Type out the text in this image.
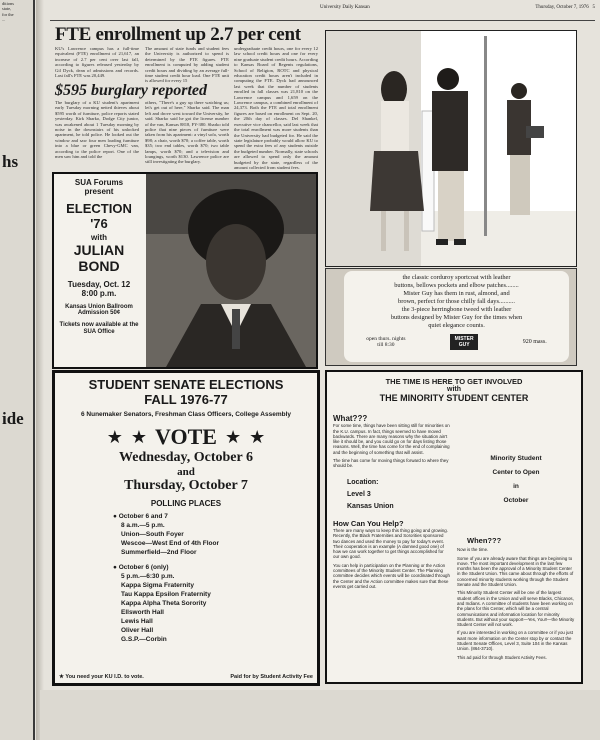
ditions
state,
for the
...
hs
ide
University Daily Kansan	Thursday, October 7, 1976 5
FTE enrollment up 2.7 per cent
KU's Lawrence campus has a full-time equivalent (FTE) enrollment of 21,617, an increase of 2.7 per cent over last fall, according to figures released yesterday by Gil Dyck, dean of admissions and records. Last fall's FTE was 20,449.
The amount of state funds and student fees the University is authorized to spend is determined by the FTE figures. FTE enrollment is computed by adding student credit hours and dividing by an average full-time student credit hour load. One FTE unit is allowed for every 15
undergraduate credit hours, one for every 12 law school credit hours and one for every nine graduate student credit hours. According to Kansas Board of Regents regulations, School of Religion, ROTC and physical education credit hours aren't included in computing the FTE. Dyck had announced last week that the number of students enrolled in fall classes was 21,810 on the Lawrence campus and 1,659 on the Lawrence campus, a combined enrollment of 24,373. Both the FTE and total enrollment figures are based on enrollment on Sept. 20, the 20th day of classes. Del Shankel, executive vice chancellor, said last week that the total enrollment was more students than the University had budgeted for. He said the state legislature probably would allow KU to spend the extra fees of any students outside the budgeted number. Normally, state schools are allowed to spend only the amount budgeted by the state, regardless of the amount collected from student fees.
$595 burglary reported
The burglary of a KU student's apartment early Tuesday morning netted thieves about $595 worth of furniture, police reports stated yesterday. Kirk Sharko, Dodge City junior, was awakened about 1 Tuesday morning by noise in the downstairs of his unlocked apartment, he told police. He looked out the window and saw four men loading furniture into a blue or green Chevy-GMC van, according to the police report. One of the men saw him and told the
others, "There's a guy up there watching us; let's get out of here," Sharko said. The man left and drove west toward the University, he said. Sharko said he got the license number of the van, Kansas 8818, FY-380. Sharko told police that nine pieces of furniture were taken from his apartment: a vinyl sofa, worth $98; a chair, worth $70; a coffee table, worth $35; two end tables, worth $70; two table lamps, worth $70; and a television and loungings, worth $130. Lawrence police are still investigating the burglary.
the classic corduroy sportcoat with leather
buttons, bellows pockets and elbow patches........
Mister Guy has them in rust, almond, and
brown, perfect for those chilly fall days..........
the 3-piece herringbone tweed with leather
buttons designed by Mister Guy for the times when
quiet elegance counts.
open thurs. nights
till 8:30
MISTER GUY	920 mass.
SUA Forums
present
ELECTION
'76
with
JULIAN
BOND
Tuesday, Oct. 12
8:00 p.m.
Kansas Union Ballroom
Admission 50¢
Tickets now available at the SUA Office
STUDENT SENATE ELECTIONS
FALL 1976-77
6 Nunemaker Senators, Freshman Class Officers, College Assembly
★ ★ VOTE ★ ★
Wednesday, October 6
and
Thursday, October 7
POLLING PLACES
● October 6 and 7
8 a.m.—5 p.m.
Union—South Foyer
Wescoe—West End of 4th Floor
Summerfield—2nd Floor
● October 6 (only)
5 p.m.—6:30 p.m.
Kappa Sigma Fraternity
Tau Kappa Epsilon Fraternity
Kappa Alpha Theta Sorority
Ellsworth Hall
Lewis Hall
Oliver Hall
G.S.P.—Corbin
★ You need your KU I.D. to vote.	Paid for by Student Activity Fee
THE TIME IS HERE TO GET INVOLVED
with
THE MINORITY STUDENT CENTER
What???
For some time, things have been sitting still for minorities on the K.U. campus. In fact, things seemed to have moved backwards. There are many reasons why the situation ain't like it should be, and you could go on for days listing those reasons. Well, the time has come for the end of complaining and the beginning of something that will assist.
The time has come for moving things forward to where they should be.
Location:
Level 3
Kansas Union
How Can You Help?
There are many ways to keep this thing going and growing. Recently, the Black Fraternities and Sororities sponsored two dances and used the money to pay for today's event. Their cooperation is an example (A damned good one) of how we can work together to get things accomplished for our own good.
You can help in participation on the Planning or the Action committees of the Minority Student Center. The Planning committee decides which events will be coordinated through the Center and the Action committee makes sure that these events get carried out.
Minority Student
Center to Open
in
October
When???
Now is the time.
Some of you are already aware that things are beginning to move. The most important development in the last few months has been the approval of a Minority Student Center in the Student Union. This came about through the efforts of concerned minority students working through the Student Senate and the Student Union.
This Minority Student Center will be one of the largest student offices in the Union and will serve Blacks, Chicanos, and Indians. A committee of students have been working on the plans for this Center, which will be a central communications and information location for minority students. But without your support—Yes, You!!—the Minority Student Center will not work.
If you are interested in working on a committee or if you just want more information on the Center stop by or contact the Student Senate Offices, Level 3, Suite 104 in the Kansas Union. (864-3710).
This ad paid for through Student Activity Fees.
